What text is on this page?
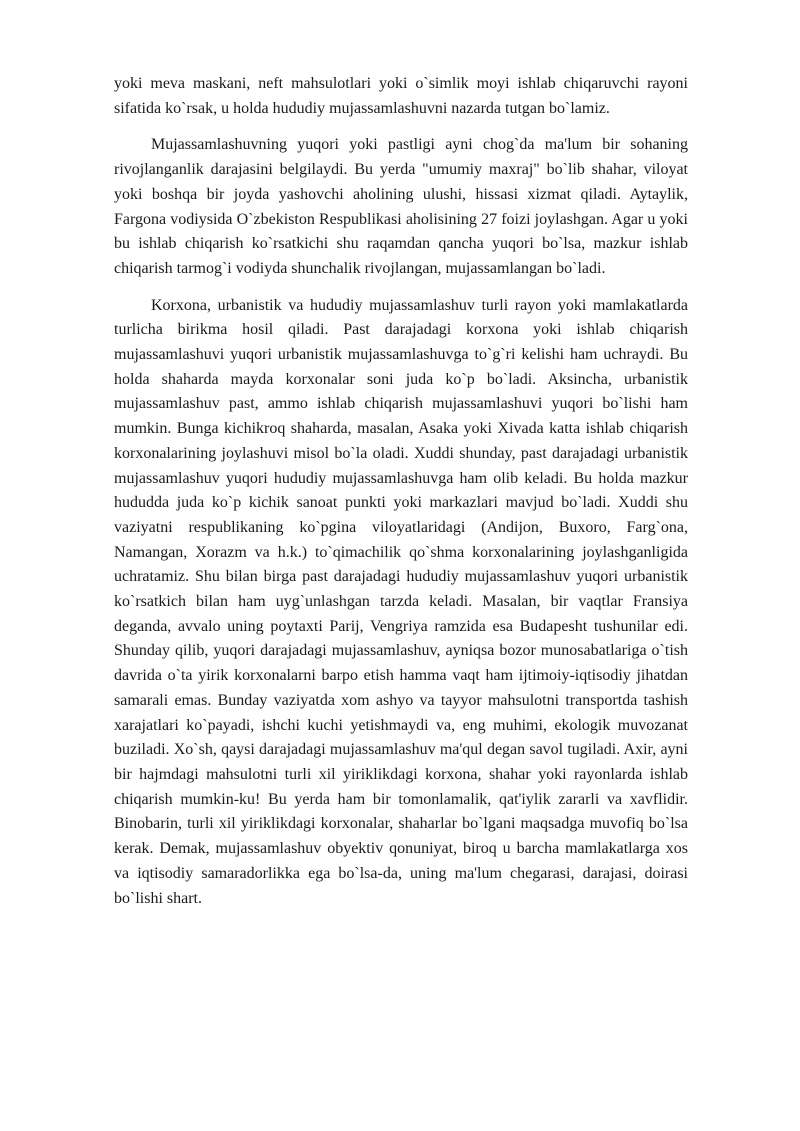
yoki meva maskani, neft mahsulotlari yoki o`simlik moyi ishlab chiqaruvchi rayoni sifatida ko`rsak, u holda hududiy mujassamlashuvni nazarda tutgan bo`lamiz.

Mujassamlashuvning yuqori yoki pastligi ayni chog`da ma'lum bir sohaning rivojlanganlik darajasini belgilaydi. Bu yerda "umumiy maxraj" bo`lib shahar, viloyat yoki boshqa bir joyda yashovchi aholining ulushi, hissasi xizmat qiladi. Aytaylik, Fargona vodiysida O`zbekiston Respublikasi aholisining 27 foizi joylashgan. Agar u yoki bu ishlab chiqarish ko`rsatkichi shu raqamdan qancha yuqori bo`lsa, mazkur ishlab chiqarish tarmog`i vodiyda shunchalik rivojlangan, mujassamlangan bo`ladi.

Korxona, urbanistik va hududiy mujassamlashuv turli rayon yoki mamlakatlarda turlicha birikma hosil qiladi. Past darajadagi korxona yoki ishlab chiqarish mujassamlashuvi yuqori urbanistik mujassamlashuvga to`g`ri kelishi ham uchraydi. Bu holda shaharda mayda korxonalar soni juda ko`p bo`ladi. Aksincha, urbanistik mujassamlashuv past, ammo ishlab chiqarish mujassamlashuvi yuqori bo`lishi ham mumkin. Bunga kichikroq shaharda, masalan, Asaka yoki Xivada katta ishlab chiqarish korxonalarining joylashuvi misol bo`la oladi. Xuddi shunday, past darajadagi urbanistik mujassamlashuv yuqori hududiy mujassamlashuvga ham olib keladi. Bu holda mazkur hududda juda ko`p kichik sanoat punkti yoki markazlari mavjud bo`ladi. Xuddi shu vaziyatni respublikaning ko`pgina viloyatlaridagi (Andijon, Buxoro, Farg`ona, Namangan, Xorazm va h.k.) to`qimachilik qo`shma korxonalarining joylashganligida uchratamiz. Shu bilan birga past darajadagi hududiy mujassamlashuv yuqori urbanistik ko`rsatkich bilan ham uyg`unlashgan tarzda keladi. Masalan, bir vaqtlar Fransiya deganda, avvalo uning poytaxti Parij, Vengriya ramzida esa Budapesht tushunilar edi. Shunday qilib, yuqori darajadagi mujassamlashuv, ayniqsa bozor munosabatlariga o`tish davrida o`ta yirik korxonalarni barpo etish hamma vaqt ham ijtimoiy-iqtisodiy jihatdan samarali emas. Bunday vaziyatda xom ashyo va tayyor mahsulotni transportda tashish xarajatlari ko`payadi, ishchi kuchi yetishmaydi va, eng muhimi, ekologik muvozanat buziladi. Xo`sh, qaysi darajadagi mujassamlashuv ma'qul degan savol tugiladi. Axir, ayni bir hajmdagi mahsulotni turli xil yiriklikdagi korxona, shahar yoki rayonlarda ishlab chiqarish mumkin-ku! Bu yerda ham bir tomonlamalik, qat'iylik zararli va xavflidir. Binobarin, turli xil yiriklikdagi korxonalar, shaharlar bo`lgani maqsadga muvofiq bo`lsa kerak. Demak, mujassamlashuv obyektiv qonuniyat, biroq u barcha mamlakatlarga xos va iqtisodiy samaradorlikka ega bo`lsa-da, uning ma'lum chegarasi, darajasi, doirasi bo`lishi shart.
